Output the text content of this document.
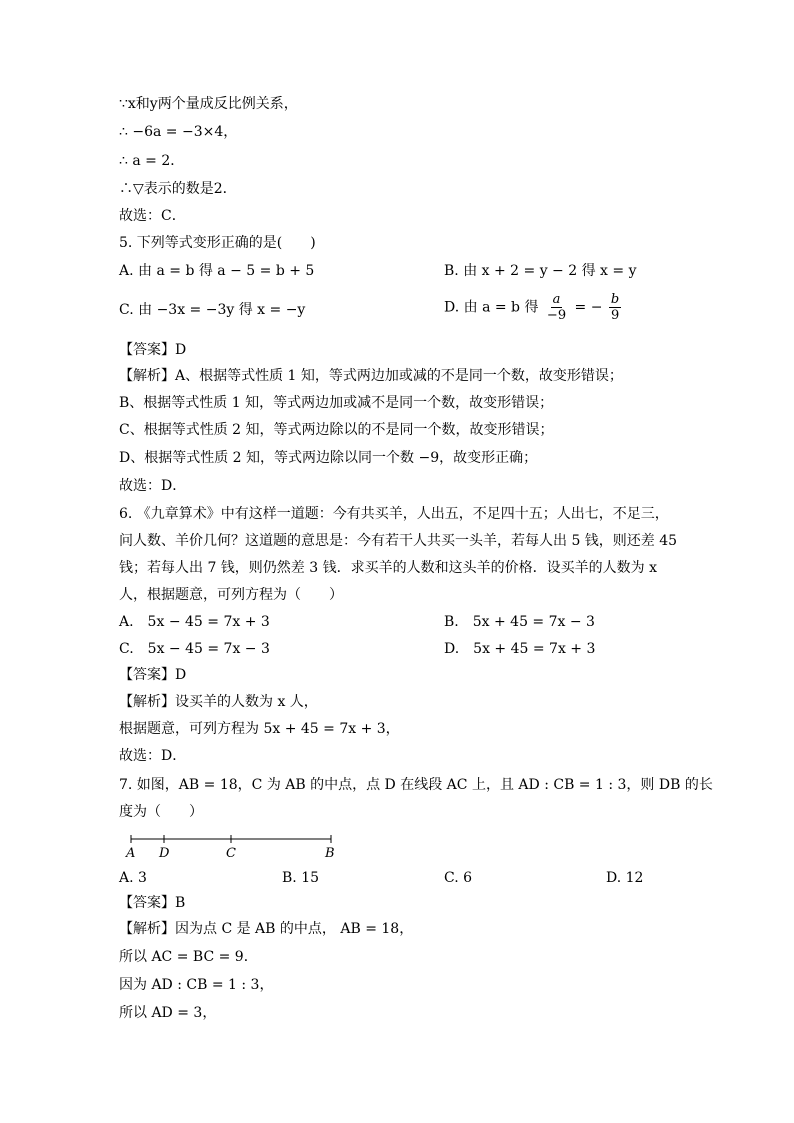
∵x和y两个量成反比例关系，
∴ −6a = −3×4，
∴ a = 2．
∴▽表示的数是2．
故选：C．
5. 下列等式变形正确的是(　　)
A. 由 a = b 得 a − 5 = b + 5	B. 由 x + 2 = y − 2 得 x = y
C. 由 −3x = −3y 得 x = −y	D. 由 a = b 得 $\frac{a}{-9}$ = − $\frac{b}{9}$
【答案】D
【解析】A、根据等式性质 1 知，等式两边加或减的不是同一个数，故变形错误；
B、根据等式性质 1 知，等式两边加或减不是同一个数，故变形错误；
C、根据等式性质 2 知，等式两边除以的不是同一个数，故变形错误；
D、根据等式性质 2 知，等式两边除以同一个数 −9，故变形正确；
故选：D．
6. 《九章算术》中有这样一道题：今有共买羊，人出五，不足四十五；人出七，不足三，
问人数、羊价几何？这道题的意思是：今有若干人共买一头羊，若每人出 5 钱，则还差 45
钱；若每人出 7 钱，则仍然差 3 钱．求买羊的人数和这头羊的价格．设买羊的人数为 x
人，根据题意，可列方程为（　　）
A.　5x − 45 = 7x + 3	B.　5x + 45 = 7x − 3
C.　5x − 45 = 7x − 3	D.　5x + 45 = 7x + 3
【答案】D
【解析】设买羊的人数为 x 人，
根据题意，可列方程为 5x + 45 = 7x + 3，
故选：D．
7. 如图，AB = 18，C 为 AB 的中点，点 D 在线段 AC 上，且 AD : CB = 1 : 3，则 DB 的长
度为（　　）
A D	C	B
A. 3	B. 15	C. 6	D. 12
【答案】B
【解析】因为点 C 是 AB 的中点， AB = 18，
所以 AC = BC = 9．
因为 AD : CB = 1 : 3，
所以 AD = 3，
